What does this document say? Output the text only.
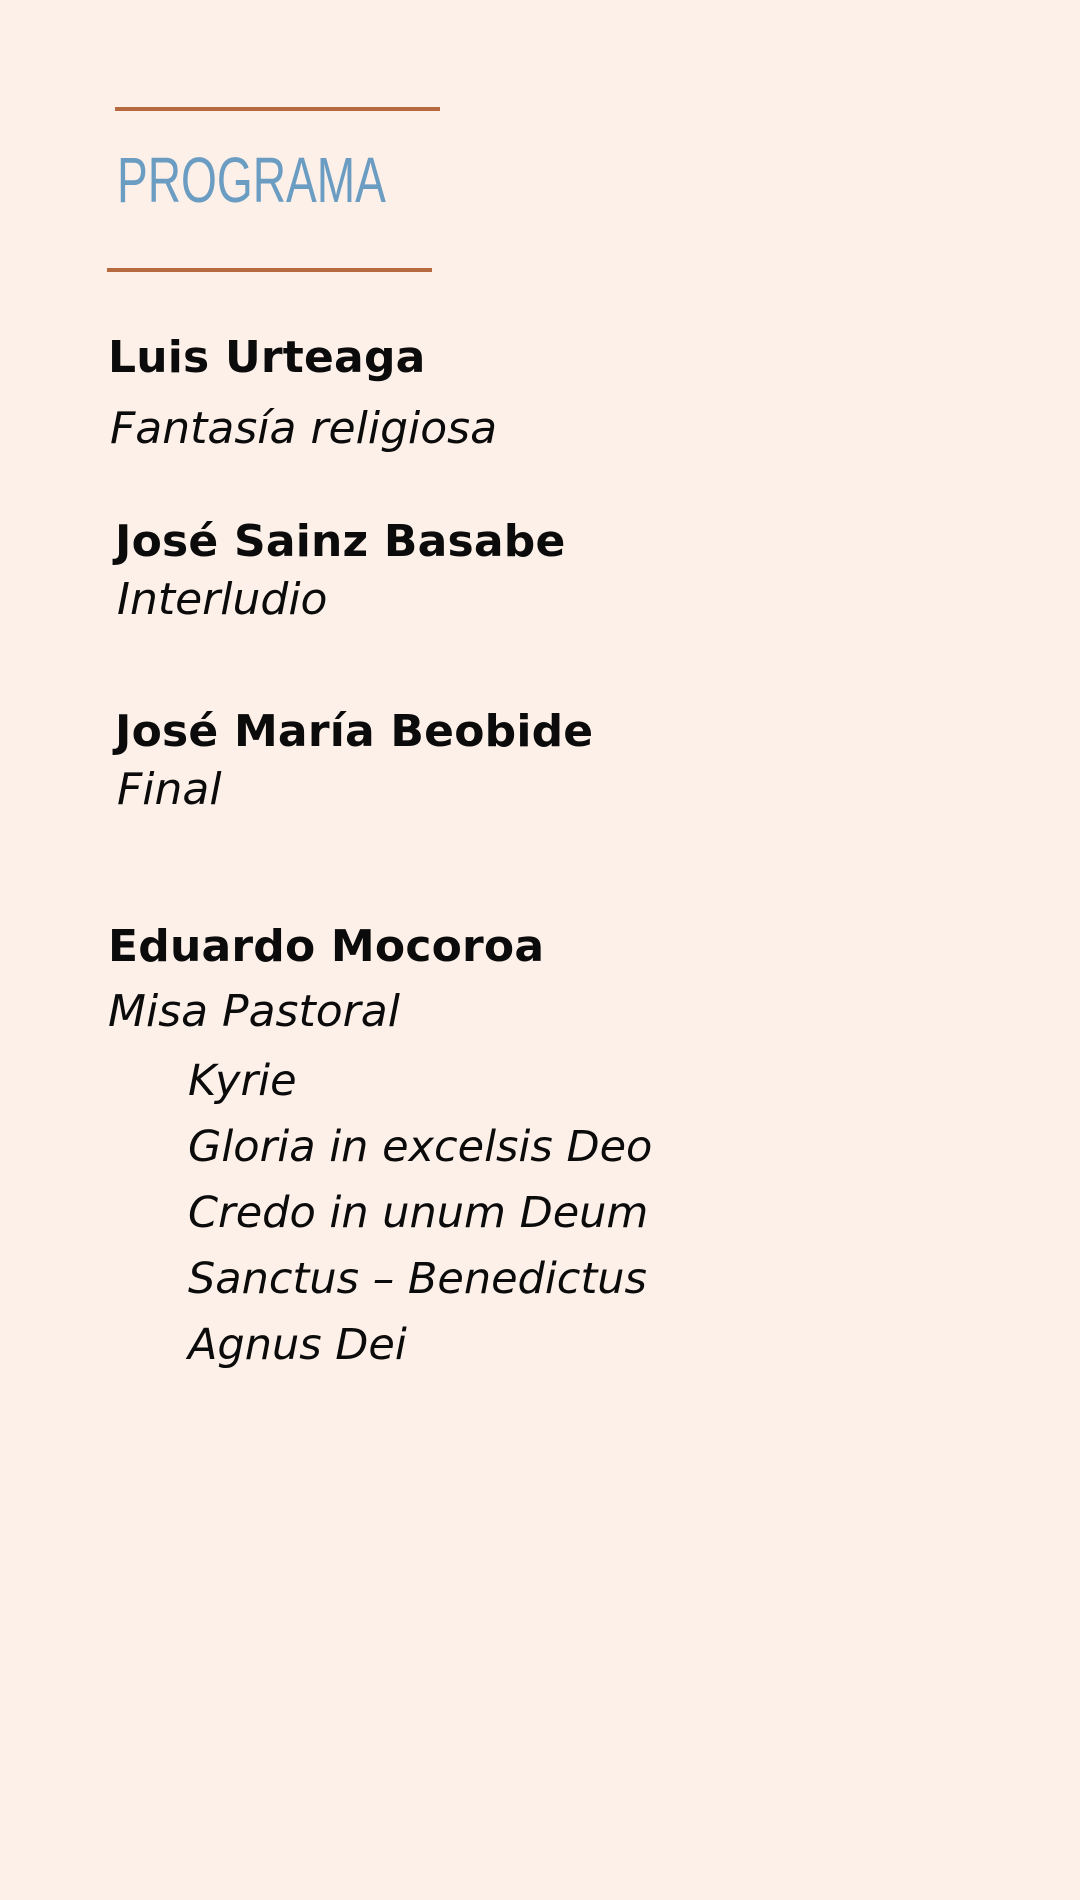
PROGRAMA

Luis Urteaga

Fantasía religiosa

José Sainz Basabe

Interludio

José María Beobide

Final

Eduardo Mocoroa

Misa Pastoral

Kyrie

Gloria in excelsis Deo

Credo in unum Deum

Sanctus – Benedictus

Agnus Dei
